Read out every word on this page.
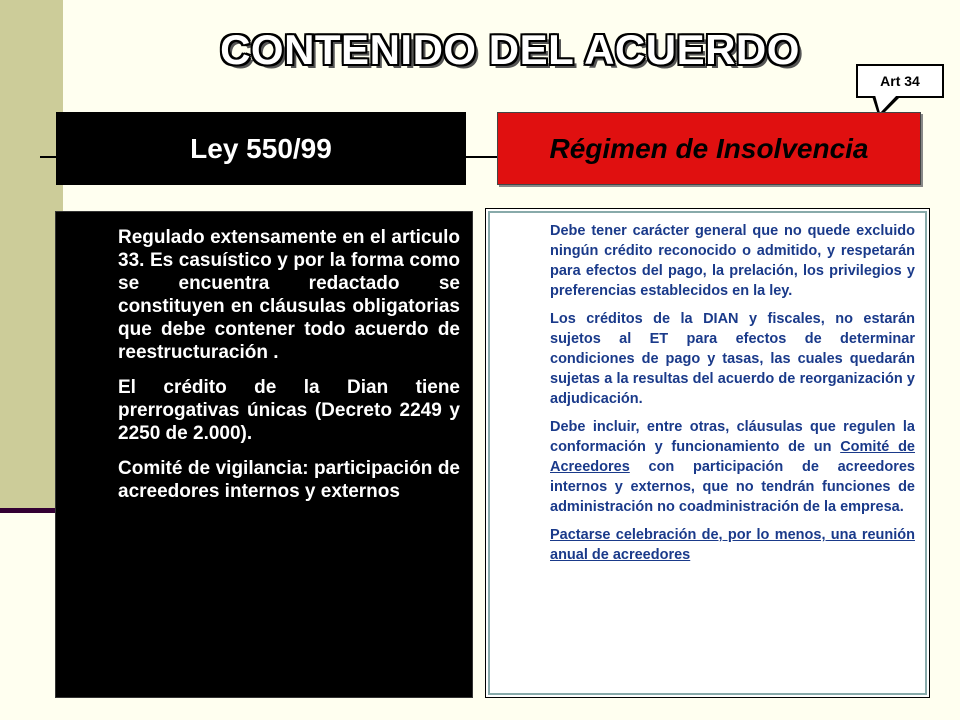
CONTENIDO DEL ACUERDO
Art 34
Ley 550/99	Régimen de Insolvencia

Regulado extensamente en el articulo 33. Es casuístico y por la forma como se encuentra redactado se constituyen en cláusulas obligatorias que debe contener todo acuerdo de reestructuración .

El crédito de la Dian tiene prerrogativas únicas (Decreto 2249 y 2250 de 2.000).

Comité de vigilancia: participación de acreedores internos y externos

Debe tener carácter general que no quede excluido ningún crédito reconocido o admitido, y respetarán para efectos del pago, la prelación, los privilegios y preferencias establecidos en la ley.

Los créditos de la DIAN y fiscales, no estarán sujetos al ET para efectos de determinar condiciones de pago y tasas, las cuales quedarán sujetas a la resultas del acuerdo de reorganización y adjudicación.

Debe incluir, entre otras, cláusulas que regulen la conformación y funcionamiento de un Comité de Acreedores con participación de acreedores internos y externos, que no tendrán funciones de administración no coadministración de la empresa.

Pactarse celebración de, por lo menos, una reunión anual de acreedores
